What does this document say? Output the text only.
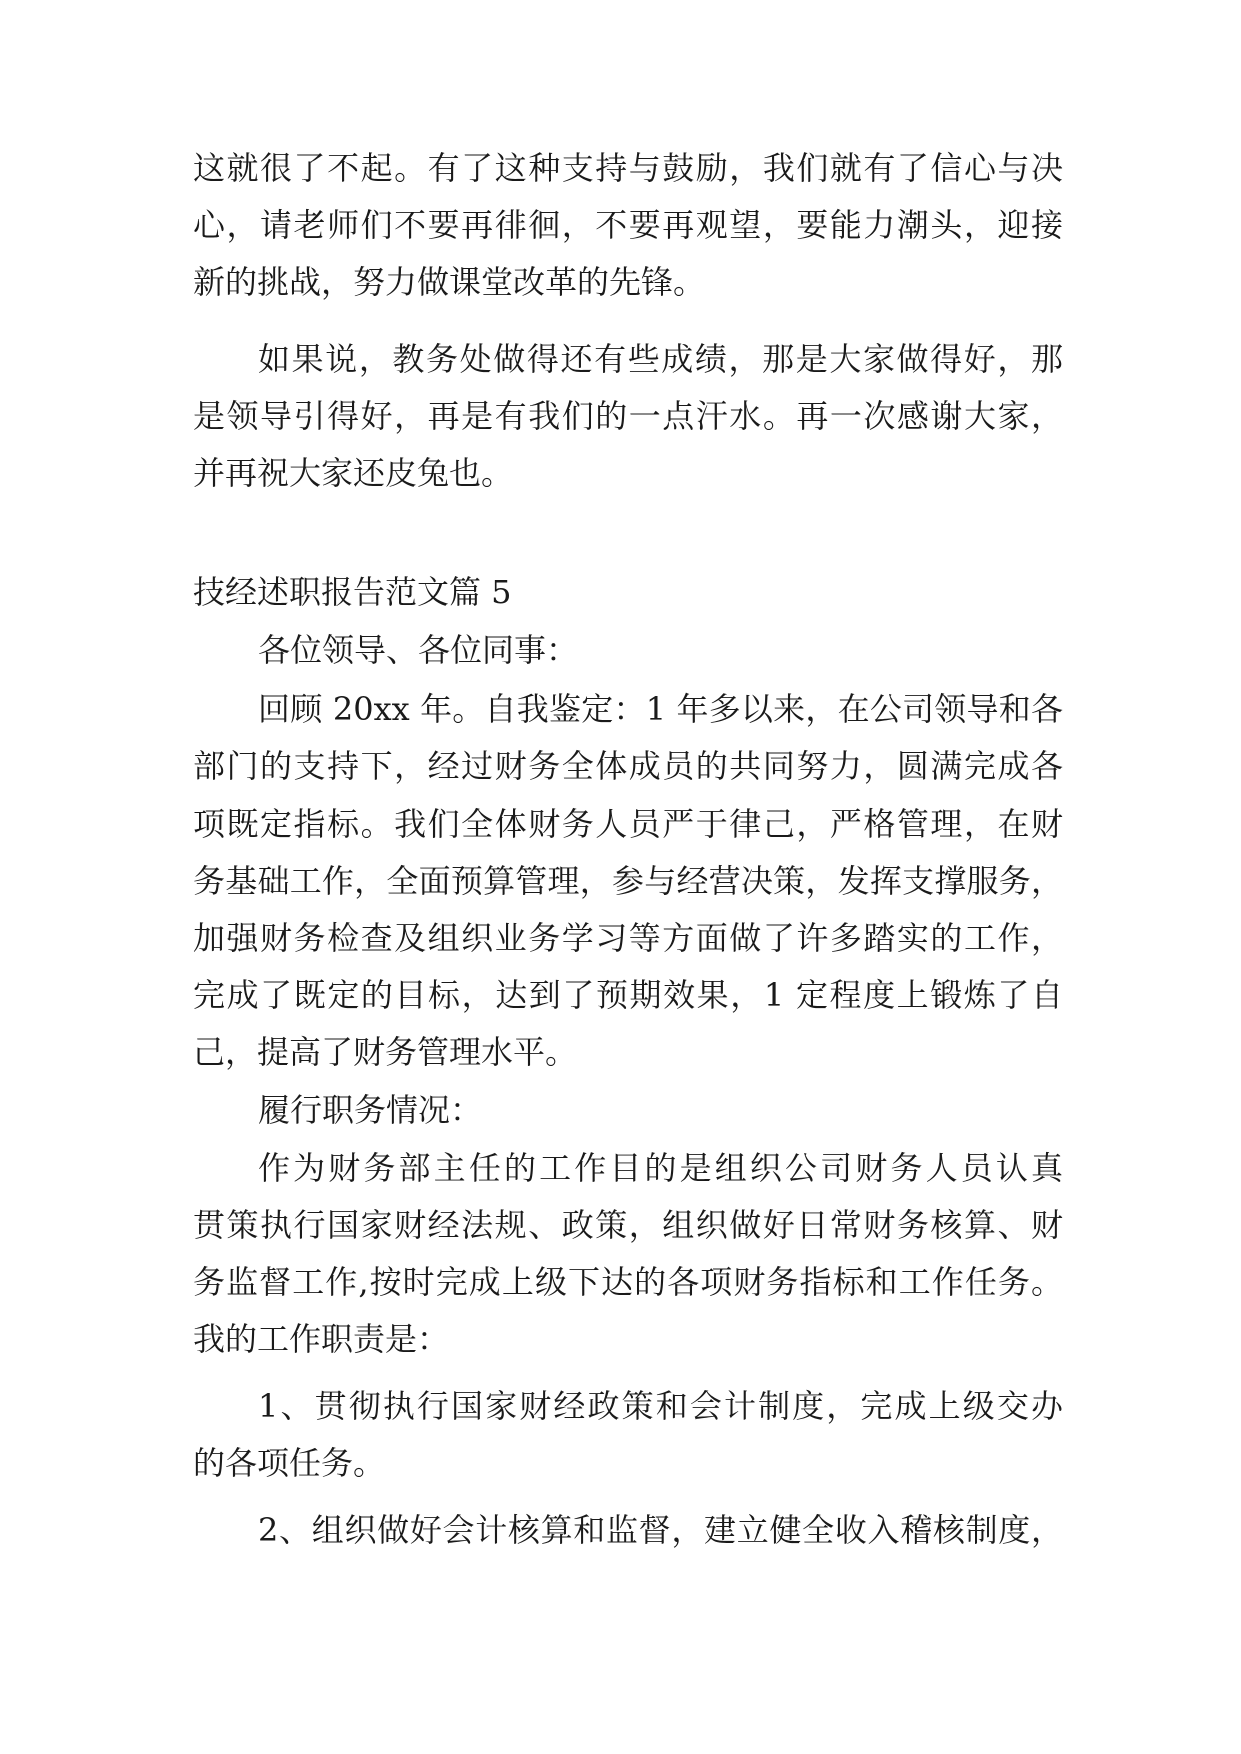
这就很了不起。有了这种支持与鼓励，我们就有了信心与决
心，请老师们不要再徘徊，不要再观望，要能力潮头，迎接
新的挑战，努力做课堂改革的先锋。
如果说，教务处做得还有些成绩，那是大家做得好，那
是领导引得好，再是有我们的一点汗水。再一次感谢大家，
并再祝大家还皮兔也。
技经述职报告范文篇 5
各位领导、各位同事：
回顾 20xx 年。自我鉴定：1 年多以来，在公司领导和各
部门的支持下，经过财务全体成员的共同努力，圆满完成各
项既定指标。我们全体财务人员严于律己，严格管理，在财
务基础工作，全面预算管理，参与经营决策，发挥支撑服务，
加强财务检查及组织业务学习等方面做了许多踏实的工作，
完成了既定的目标，达到了预期效果，1 定程度上锻炼了自
己，提高了财务管理水平。
履行职务情况：
作为财务部主任的工作目的是组织公司财务人员认真
贯策执行国家财经法规、政策，组织做好日常财务核算、财
务监督工作,按时完成上级下达的各项财务指标和工作任务。
我的工作职责是：
1、贯彻执行国家财经政策和会计制度，完成上级交办
的各项任务。
2、组织做好会计核算和监督，建立健全收入稽核制度，
